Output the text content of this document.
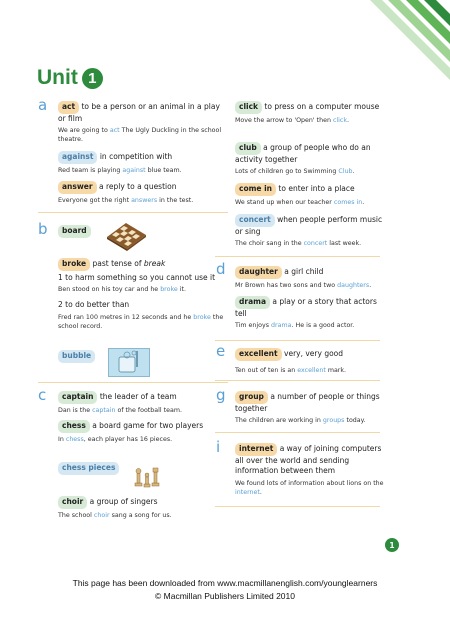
Unit 1
a	act to be a person or an animal in a play or film
We are going to act The Ugly Duckling in the school theatre.
against in competition with
Red team is playing against blue team.
answer a reply to a question
Everyone got the right answers in the test.
b	board
broke past tense of break
1 to harm something so you cannot use it
Ben stood on his toy car and he broke it.
2 to do better than
Fred ran 100 metres in 12 seconds and he broke the school record.
bubble
c	captain the leader of a team
Dan is the captain of the football team.
chess a board game for two players
In chess, each player has 16 pieces.
chess pieces
choir a group of singers
The school choir sang a song for us.
click to press on a computer mouse
Move the arrow to 'Open' then click.
club a group of people who do an activity together
Lots of children go to Swimming Club.
come in to enter into a place
We stand up when our teacher comes in.
concert when people perform music or sing
The choir sang in the concert last week.
d	daughter a girl child
Mr Brown has two sons and two daughters.
drama a play or a story that actors tell
Tim enjoys drama. He is a good actor.
e	excellent very, very good
Ten out of ten is an excellent mark.
g	group a number of people or things together
The children are working in groups today.
i	internet a way of joining computers all over the world and sending information between them
We found lots of information about lions on the internet.
1
This page has been downloaded from www.macmillanenglish.com/younglearners
© Macmillan Publishers Limited 2010
